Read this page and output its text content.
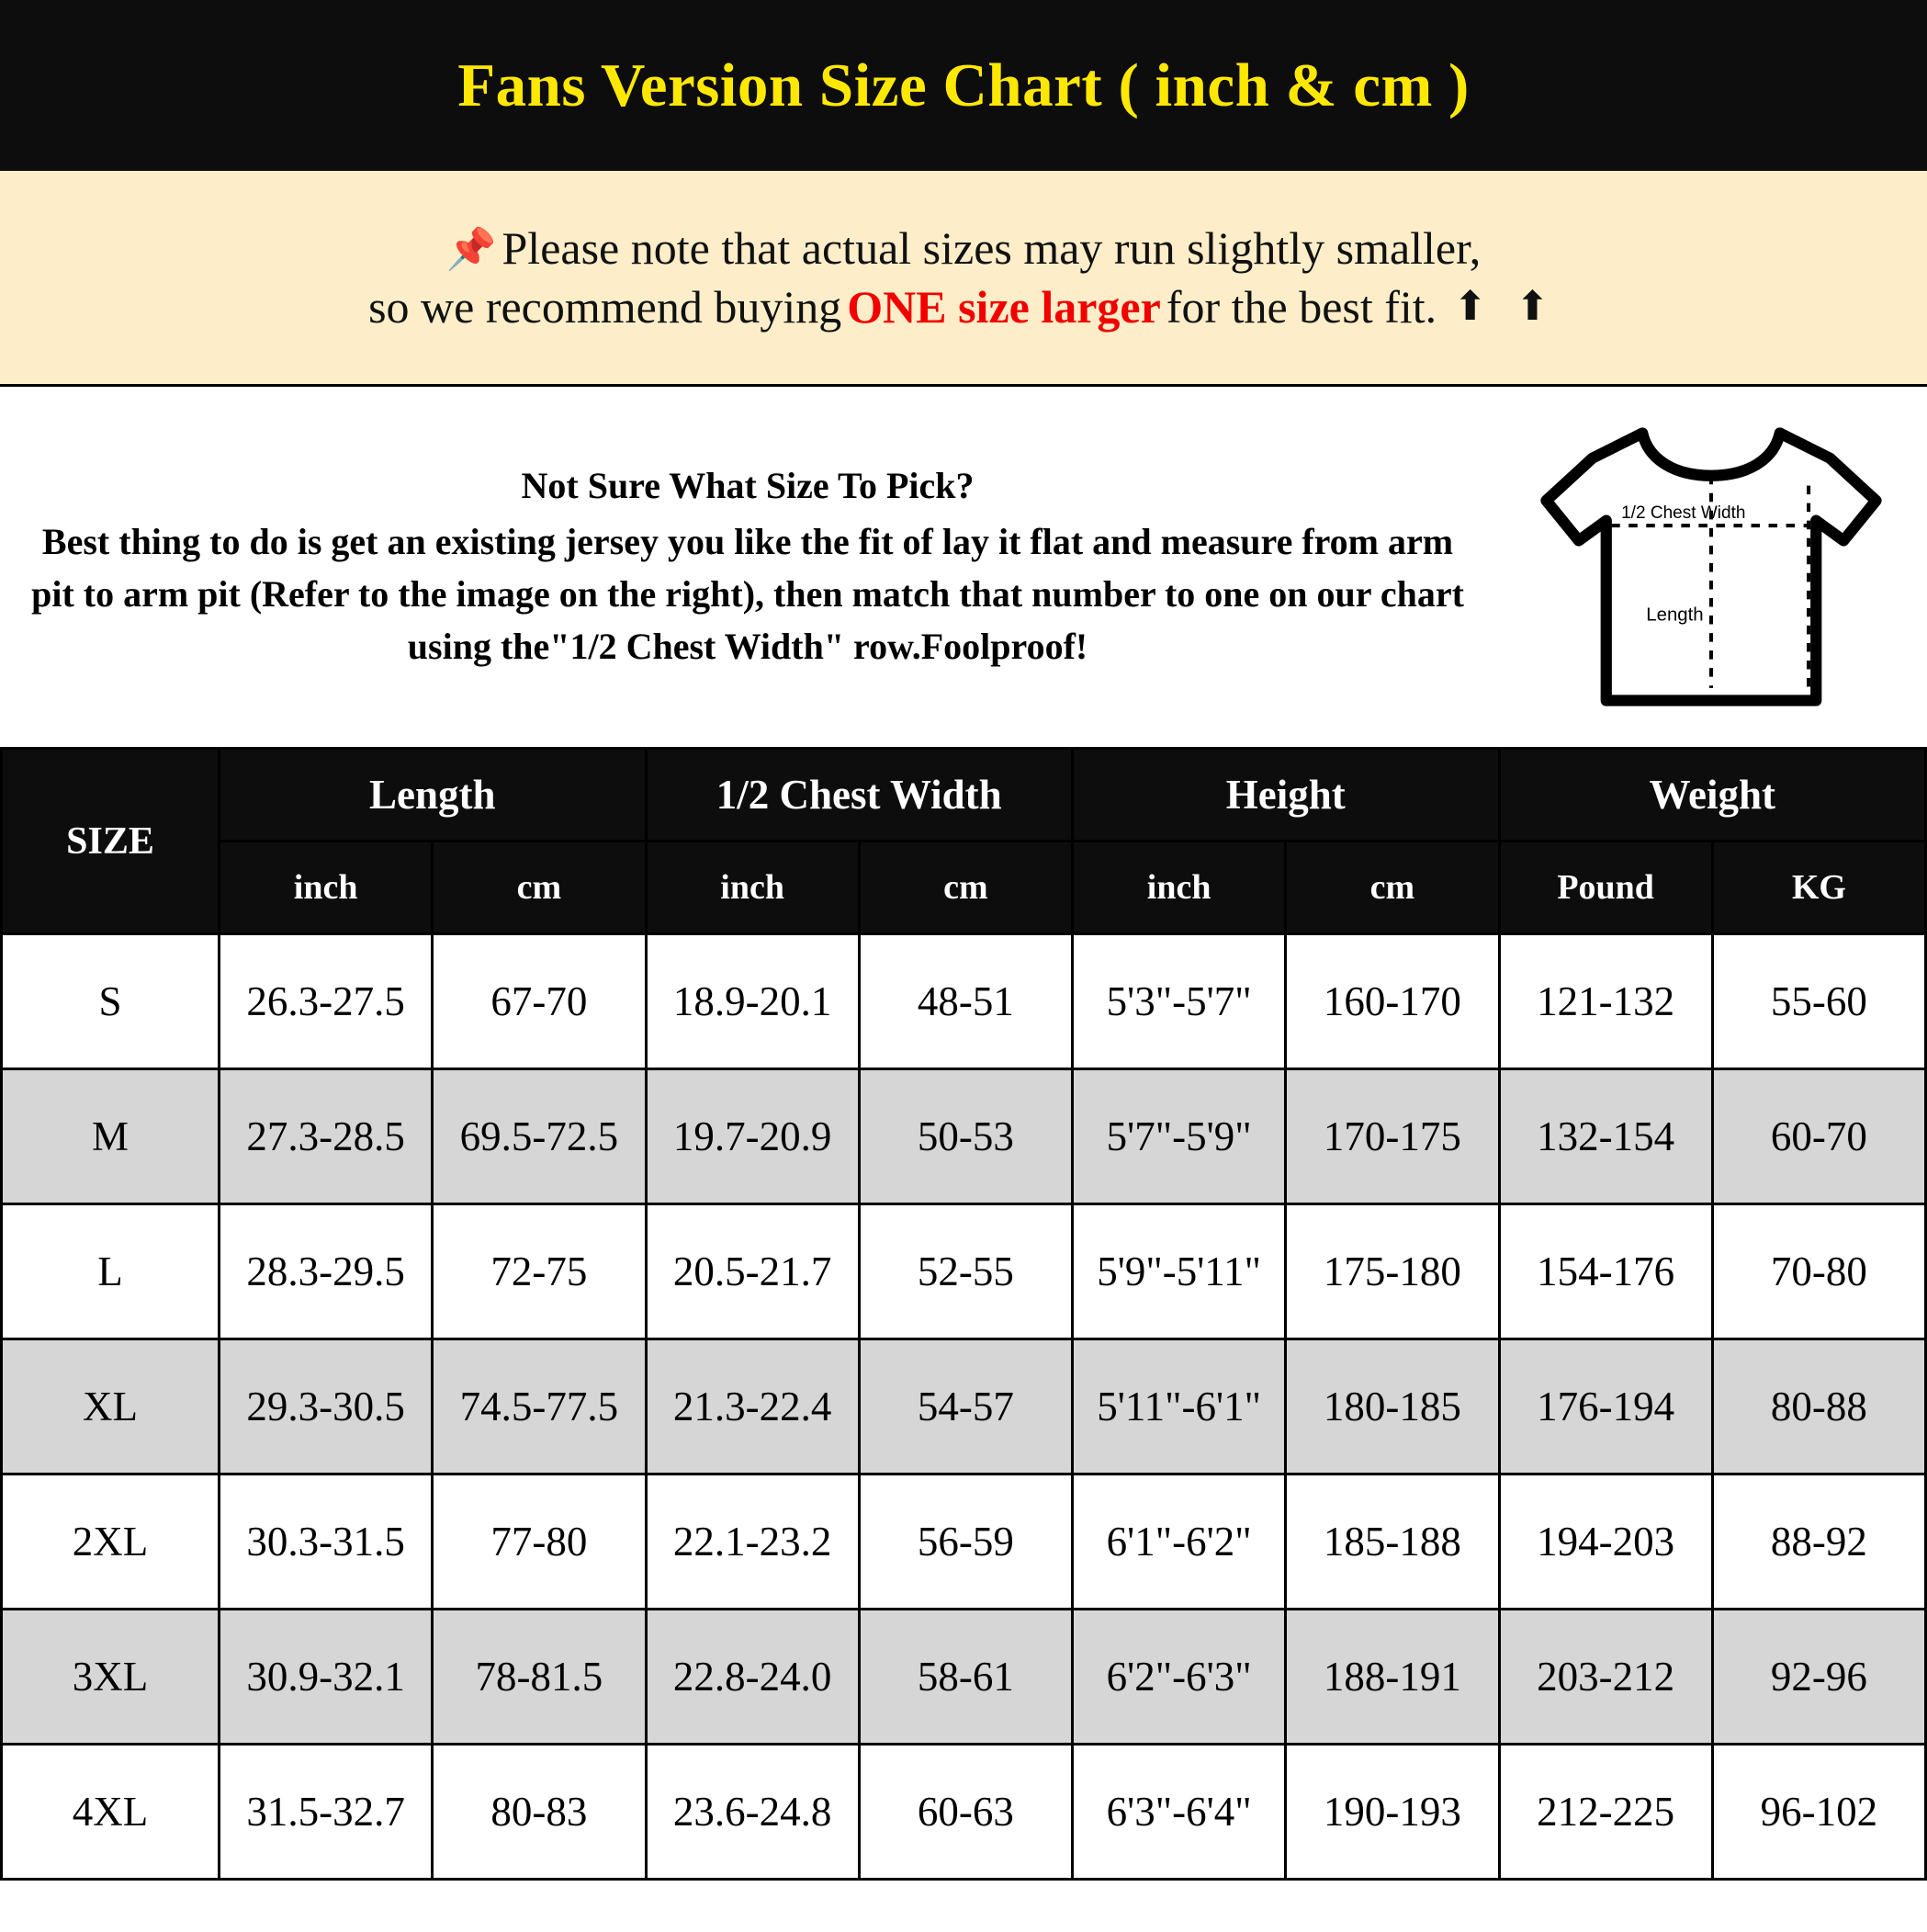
Fans Version Size Chart ( inch & cm )
📌 Please note that actual sizes may run slightly smaller,
so we recommend buying ONE size larger for the best fit. ⬆ ⬆
Not Sure What Size To Pick?
Best thing to do is get an existing jersey you like the fit of lay it flat and measure from arm pit to arm pit (Refer to the image on the right), then match that number to one on our chart using the"1/2 Chest Width" row.Foolproof!
1/2 Chest Width
Length
SIZE	Length		1/2 Chest Width		Height		Weight	
	inch	cm	inch	cm	inch	cm	Pound	KG
S	26.3-27.5	67-70	18.9-20.1	48-51	5'3"-5'7"	160-170	121-132	55-60
M	27.3-28.5	69.5-72.5	19.7-20.9	50-53	5'7"-5'9"	170-175	132-154	60-70
L	28.3-29.5	72-75	20.5-21.7	52-55	5'9"-5'11"	175-180	154-176	70-80
XL	29.3-30.5	74.5-77.5	21.3-22.4	54-57	5'11"-6'1"	180-185	176-194	80-88
2XL	30.3-31.5	77-80	22.1-23.2	56-59	6'1"-6'2"	185-188	194-203	88-92
3XL	30.9-32.1	78-81.5	22.8-24.0	58-61	6'2"-6'3"	188-191	203-212	92-96
4XL	31.5-32.7	80-83	23.6-24.8	60-63	6'3"-6'4"	190-193	212-225	96-102
